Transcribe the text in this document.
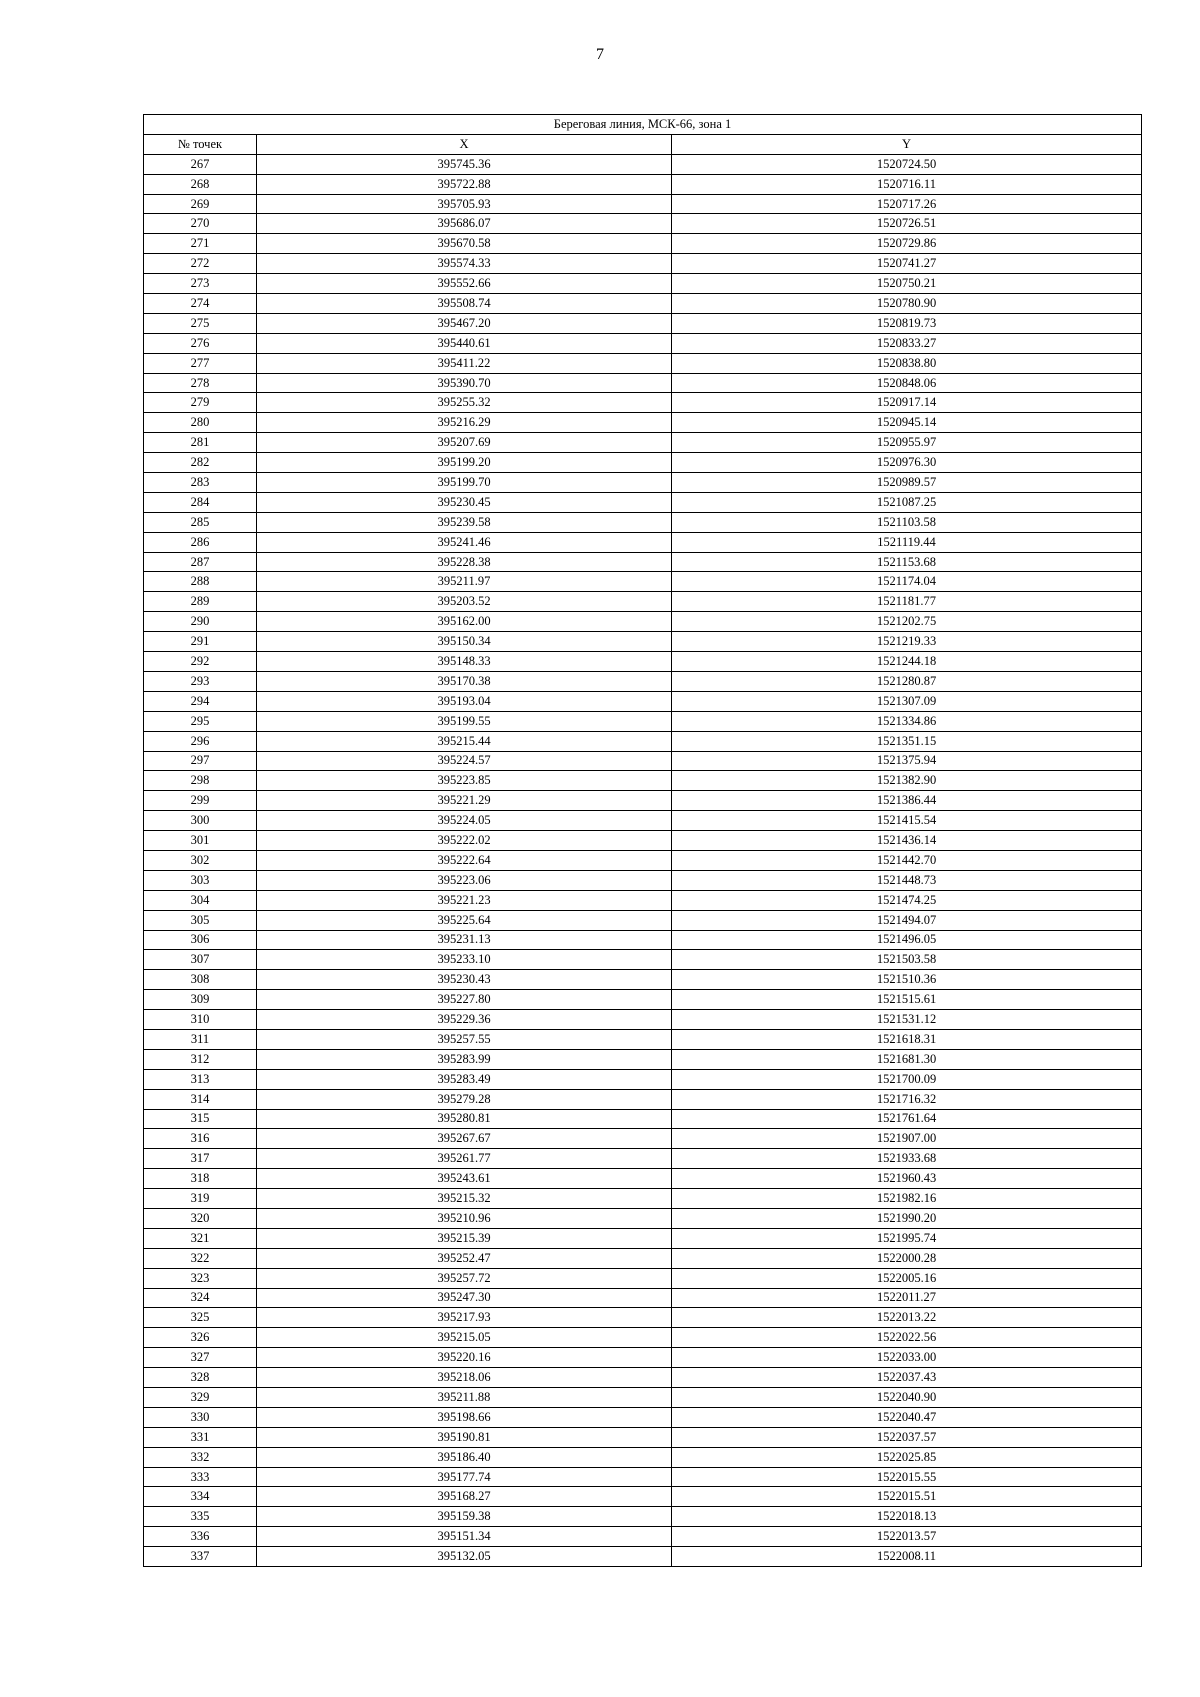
7
Береговая линия, МСК-66, зона 1		
№ точек	X	Y
267	395745.36	1520724.50
268	395722.88	1520716.11
269	395705.93	1520717.26
270	395686.07	1520726.51
271	395670.58	1520729.86
272	395574.33	1520741.27
273	395552.66	1520750.21
274	395508.74	1520780.90
275	395467.20	1520819.73
276	395440.61	1520833.27
277	395411.22	1520838.80
278	395390.70	1520848.06
279	395255.32	1520917.14
280	395216.29	1520945.14
281	395207.69	1520955.97
282	395199.20	1520976.30
283	395199.70	1520989.57
284	395230.45	1521087.25
285	395239.58	1521103.58
286	395241.46	1521119.44
287	395228.38	1521153.68
288	395211.97	1521174.04
289	395203.52	1521181.77
290	395162.00	1521202.75
291	395150.34	1521219.33
292	395148.33	1521244.18
293	395170.38	1521280.87
294	395193.04	1521307.09
295	395199.55	1521334.86
296	395215.44	1521351.15
297	395224.57	1521375.94
298	395223.85	1521382.90
299	395221.29	1521386.44
300	395224.05	1521415.54
301	395222.02	1521436.14
302	395222.64	1521442.70
303	395223.06	1521448.73
304	395221.23	1521474.25
305	395225.64	1521494.07
306	395231.13	1521496.05
307	395233.10	1521503.58
308	395230.43	1521510.36
309	395227.80	1521515.61
310	395229.36	1521531.12
311	395257.55	1521618.31
312	395283.99	1521681.30
313	395283.49	1521700.09
314	395279.28	1521716.32
315	395280.81	1521761.64
316	395267.67	1521907.00
317	395261.77	1521933.68
318	395243.61	1521960.43
319	395215.32	1521982.16
320	395210.96	1521990.20
321	395215.39	1521995.74
322	395252.47	1522000.28
323	395257.72	1522005.16
324	395247.30	1522011.27
325	395217.93	1522013.22
326	395215.05	1522022.56
327	395220.16	1522033.00
328	395218.06	1522037.43
329	395211.88	1522040.90
330	395198.66	1522040.47
331	395190.81	1522037.57
332	395186.40	1522025.85
333	395177.74	1522015.55
334	395168.27	1522015.51
335	395159.38	1522018.13
336	395151.34	1522013.57
337	395132.05	1522008.11
